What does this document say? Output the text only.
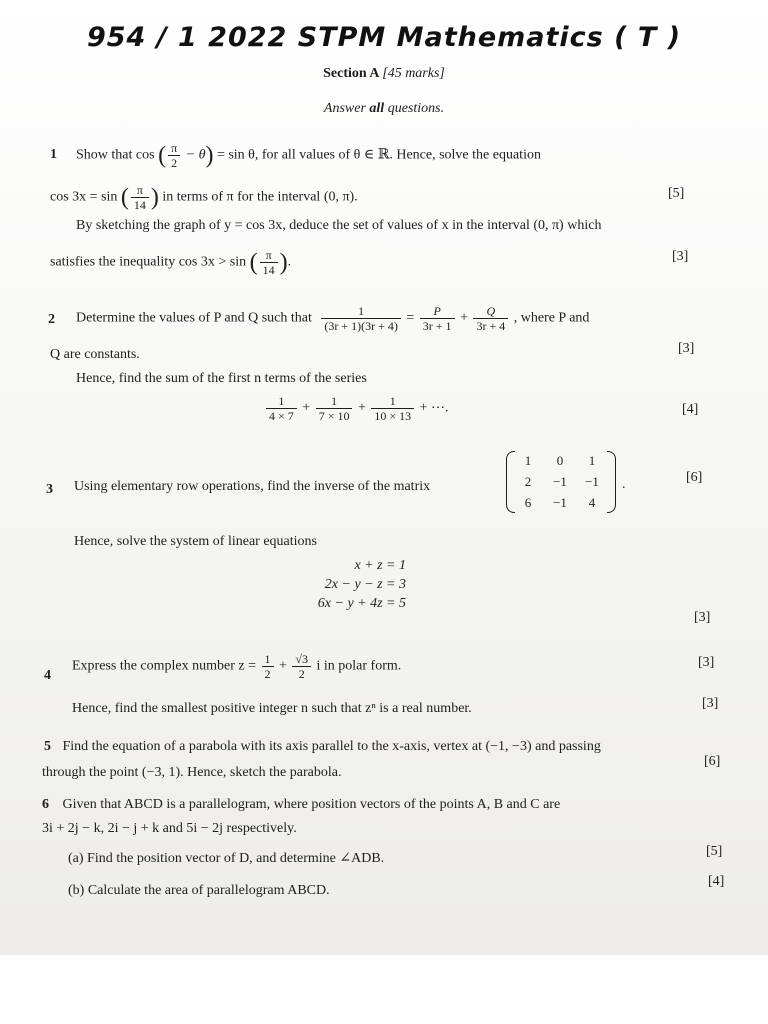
954 / 1 2022 STPM Mathematics ( T )
Section A [45 marks]
Answer all questions.
1 Show that cos ( $\frac{\pi}{2} - \theta) = \sin \theta$, for all values of θ ∈ ℝ. Hence, solve the equation
cos 3x = sin ( $\frac{\pi}{14}$ ) in terms of π for the interval (0, π).	[5]
By sketching the graph of y = cos 3x, deduce the set of values of x in the interval (0, π) which
satisfies the inequality cos 3x > sin ( $\frac{\pi}{14}$ ).	[3]
2 Determine the values of P and Q such that $\frac{1}{(3r + 1)(3r + 4)} = \frac{P}{3r + 1} + \frac{Q}{3r + 4}$ , where P and
Q are constants.	[3]
Hence, find the sum of the first n terms of the series
$\frac{1}{4 \times 7} + \frac{1}{7 \times 10} + \frac{1}{10 \times 13}$ + ⋯.	[4]
3 Using elementary row operations, find the inverse of the matrix
1	0	1
2	−1	−1
6	−1	4
.	[6]
Hence, solve the system of linear equations
x + z = 1
2x − y − z = 3
6x − y + 4z = 5
[3]
4
Express the complex number $z = \frac{1}{2} + \frac{√3}{2}$ i in polar form.	[3]
Hence, find the smallest positive integer n such that zⁿ is a real number.	[3]
5 Find the equation of a parabola with its axis parallel to the x-axis, vertex at (−1, −3) and passing
through the point (−3, 1). Hence, sketch the parabola.
[6]
6 Given that ABCD is a parallelogram, where position vectors of the points A, B and C are
3i + 2j − k, 2i − j + k and 5i − 2j respectively.
(a) Find the position vector of D, and determine ∠ADB.	[5]
(b) Calculate the area of parallelogram ABCD.
[4]
